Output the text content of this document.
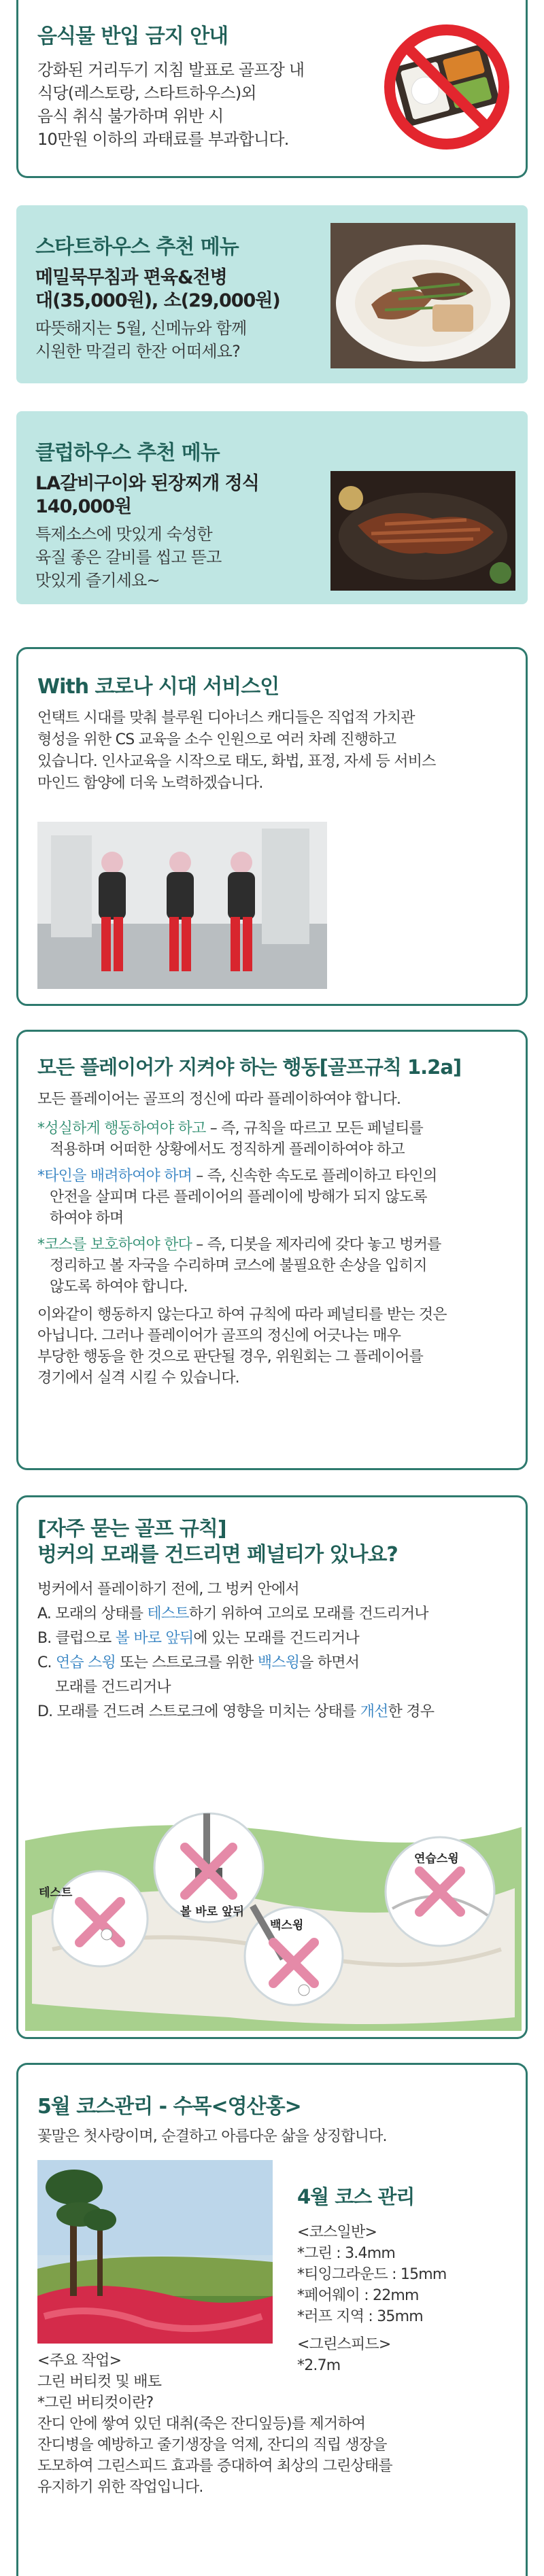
음식물 반입 금지 안내
강화된 거리두기 지침 발표로 골프장 내
식당(레스토랑, 스타트하우스)외
음식 취식 불가하며 위반 시
10만원 이하의 과태료를 부과합니다.
스타트하우스 추천 메뉴
메밀묵무침과 편육&전병
대(35,000원), 소(29,000원)
따뜻해지는 5월, 신메뉴와 함께
시원한 막걸리 한잔 어떠세요?
클럽하우스 추천 메뉴
LA갈비구이와 된장찌개 정식
140,000원
특제소스에 맛있게 숙성한
육질 좋은 갈비를 씹고 뜯고
맛있게 즐기세요~
With 코로나 시대 서비스인
언택트 시대를 맞춰 블루원 디아너스 캐디들은 직업적 가치관
형성을 위한 CS 교육을 소수 인원으로 여러 차례 진행하고
있습니다. 인사교육을 시작으로 태도, 화법, 표정, 자세 등 서비스
마인드 함양에 더욱 노력하겠습니다.
모든 플레이어가 지켜야 하는 행동[골프규칙 1.2a]
모든 플레이어는 골프의 정신에 따라 플레이하여야 합니다.
*성실하게 행동하여야 하고 – 즉, 규칙을 따르고 모든 페널티를
적용하며 어떠한 상황에서도 정직하게 플레이하여야 하고
*타인을 배려하여야 하며 – 즉, 신속한 속도로 플레이하고 타인의
안전을 살피며 다른 플레이어의 플레이에 방해가 되지 않도록
하여야 하며
*코스를 보호하여야 한다 – 즉, 디봇을 제자리에 갖다 놓고 벙커를
정리하고 볼 자국을 수리하며 코스에 불필요한 손상을 입히지
않도록 하여야 합니다.
이와같이 행동하지 않는다고 하여 규칙에 따라 페널티를 받는 것은
아닙니다. 그러나 플레이어가 골프의 정신에 어긋나는 매우
부당한 행동을 한 것으로 판단될 경우, 위원회는 그 플레이어를
경기에서 실격 시킬 수 있습니다.
[자주 묻는 골프 규칙]
벙커의 모래를 건드리면 페널티가 있나요?
벙커에서 플레이하기 전에, 그 벙커 안에서
A. 모래의 상태를 테스트하기 위하여 고의로 모래를 건드리거나
B. 클럽으로 볼 바로 앞뒤에 있는 모래를 건드리거나
C. 연습 스윙 또는 스트로크를 위한 백스윙을 하면서
모래를 건드리거나
D. 모래를 건드려 스트로크에 영향을 미치는 상태를 개선한 경우
테스트
볼 바로 앞뒤
백스윙
연습스윙
5월 코스관리 - 수목<영산홍>
꽃말은 첫사랑이며, 순결하고 아름다운 삶을 상징합니다.
4월 코스 관리
<코스일반>
*그린 : 3.4mm
*티잉그라운드 : 15mm
*페어웨이 : 22mm
*러프 지역 : 35mm
<그린스피드>
*2.7m
<주요 작업>
그린 버티컷 및 배토
*그린 버티컷이란?
잔디 안에 쌓여 있던 대취(죽은 잔디잎등)를 제거하여
잔디병을 예방하고 줄기생장을 억제, 잔디의 직립 생장을
도모하여 그린스피드 효과를 증대하여 최상의 그린상태를
유지하기 위한 작업입니다.
